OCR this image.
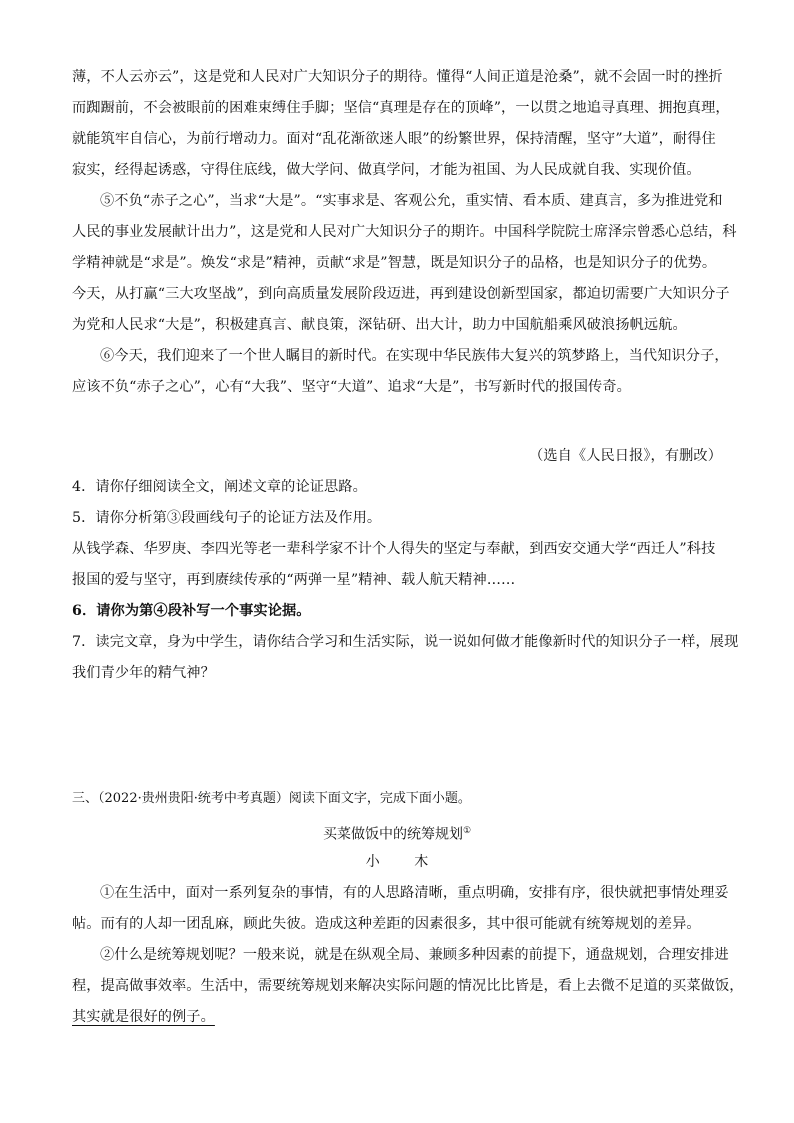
薄，不人云亦云”，这是党和人民对广大知识分子的期待。懂得“人间正道是沧桑”，就不会固一时的挫折
而踟蹰前，不会被眼前的困难束缚住手脚；坚信“真理是存在的顶峰”，一以贯之地追寻真理、拥抱真理，
就能筑牢自信心，为前行增动力。面对“乱花渐欲迷人眼”的纷繁世界，保持清醒，坚守”大道”，耐得住
寂实，经得起诱惑，守得住底线，做大学问、做真学问，才能为祖国、为人民成就自我、实现价值。
⑤不负“赤子之心”，当求“大是”。“实事求是、客观公允，重实情、看本质、建真言，多为推进党和
人民的事业发展献计出力”，这是党和人民对广大知识分子的期许。中国科学院院士席泽宗曾悉心总结，科
学精神就是“求是”。焕发“求是”精神，贡献“求是”智慧，既是知识分子的品格，也是知识分子的优势。
今天，从打赢“三大攻坚战”，到向高质量发展阶段迈进，再到建设创新型国家，都迫切需要广大知识分子
为党和人民求“大是”，积极建真言、献良策，深钻研、出大计，助力中国航船乘风破浪扬帆远航。
⑥今天，我们迎来了一个世人瞩目的新时代。在实现中华民族伟大复兴的筑梦路上，当代知识分子，
应该不负“赤子之心”，心有“大我”、坚守“大道”、追求“大是”，书写新时代的报国传奇。
（选自《人民日报》，有删改）
4．请你仔细阅读全文，阐述文章的论证思路。
5．请你分析第③段画线句子的论证方法及作用。
从钱学森、华罗庚、李四光等老一辈科学家不计个人得失的坚定与奉献，到西安交通大学“西迁人”科技
报国的爱与坚守，再到赓续传承的“两弹一星”精神、载人航天精神……
6．请你为第④段补写一个事实论据。
7．读完文章，身为中学生，请你结合学习和生活实际，说一说如何做才能像新时代的知识分子一样，展现
我们青少年的精气神？
三、（2022·贵州贵阳·统考中考真题）阅读下面文字，完成下面小题。
买菜做饭中的统筹规划①
小 木
①在生活中，面对一系列复杂的事情，有的人思路清晰，重点明确，安排有序，很快就把事情处理妥
帖。而有的人却一团乱麻，顾此失彼。造成这种差距的因素很多，其中很可能就有统筹规划的差异。
②什么是统筹规划呢？一般来说，就是在纵观全局、兼顾多种因素的前提下，通盘规划，合理安排进
程，提高做事效率。生活中，需要统筹规划来解决实际问题的情况比比皆是，看上去微不足道的买菜做饭，
其实就是很好的例子。
